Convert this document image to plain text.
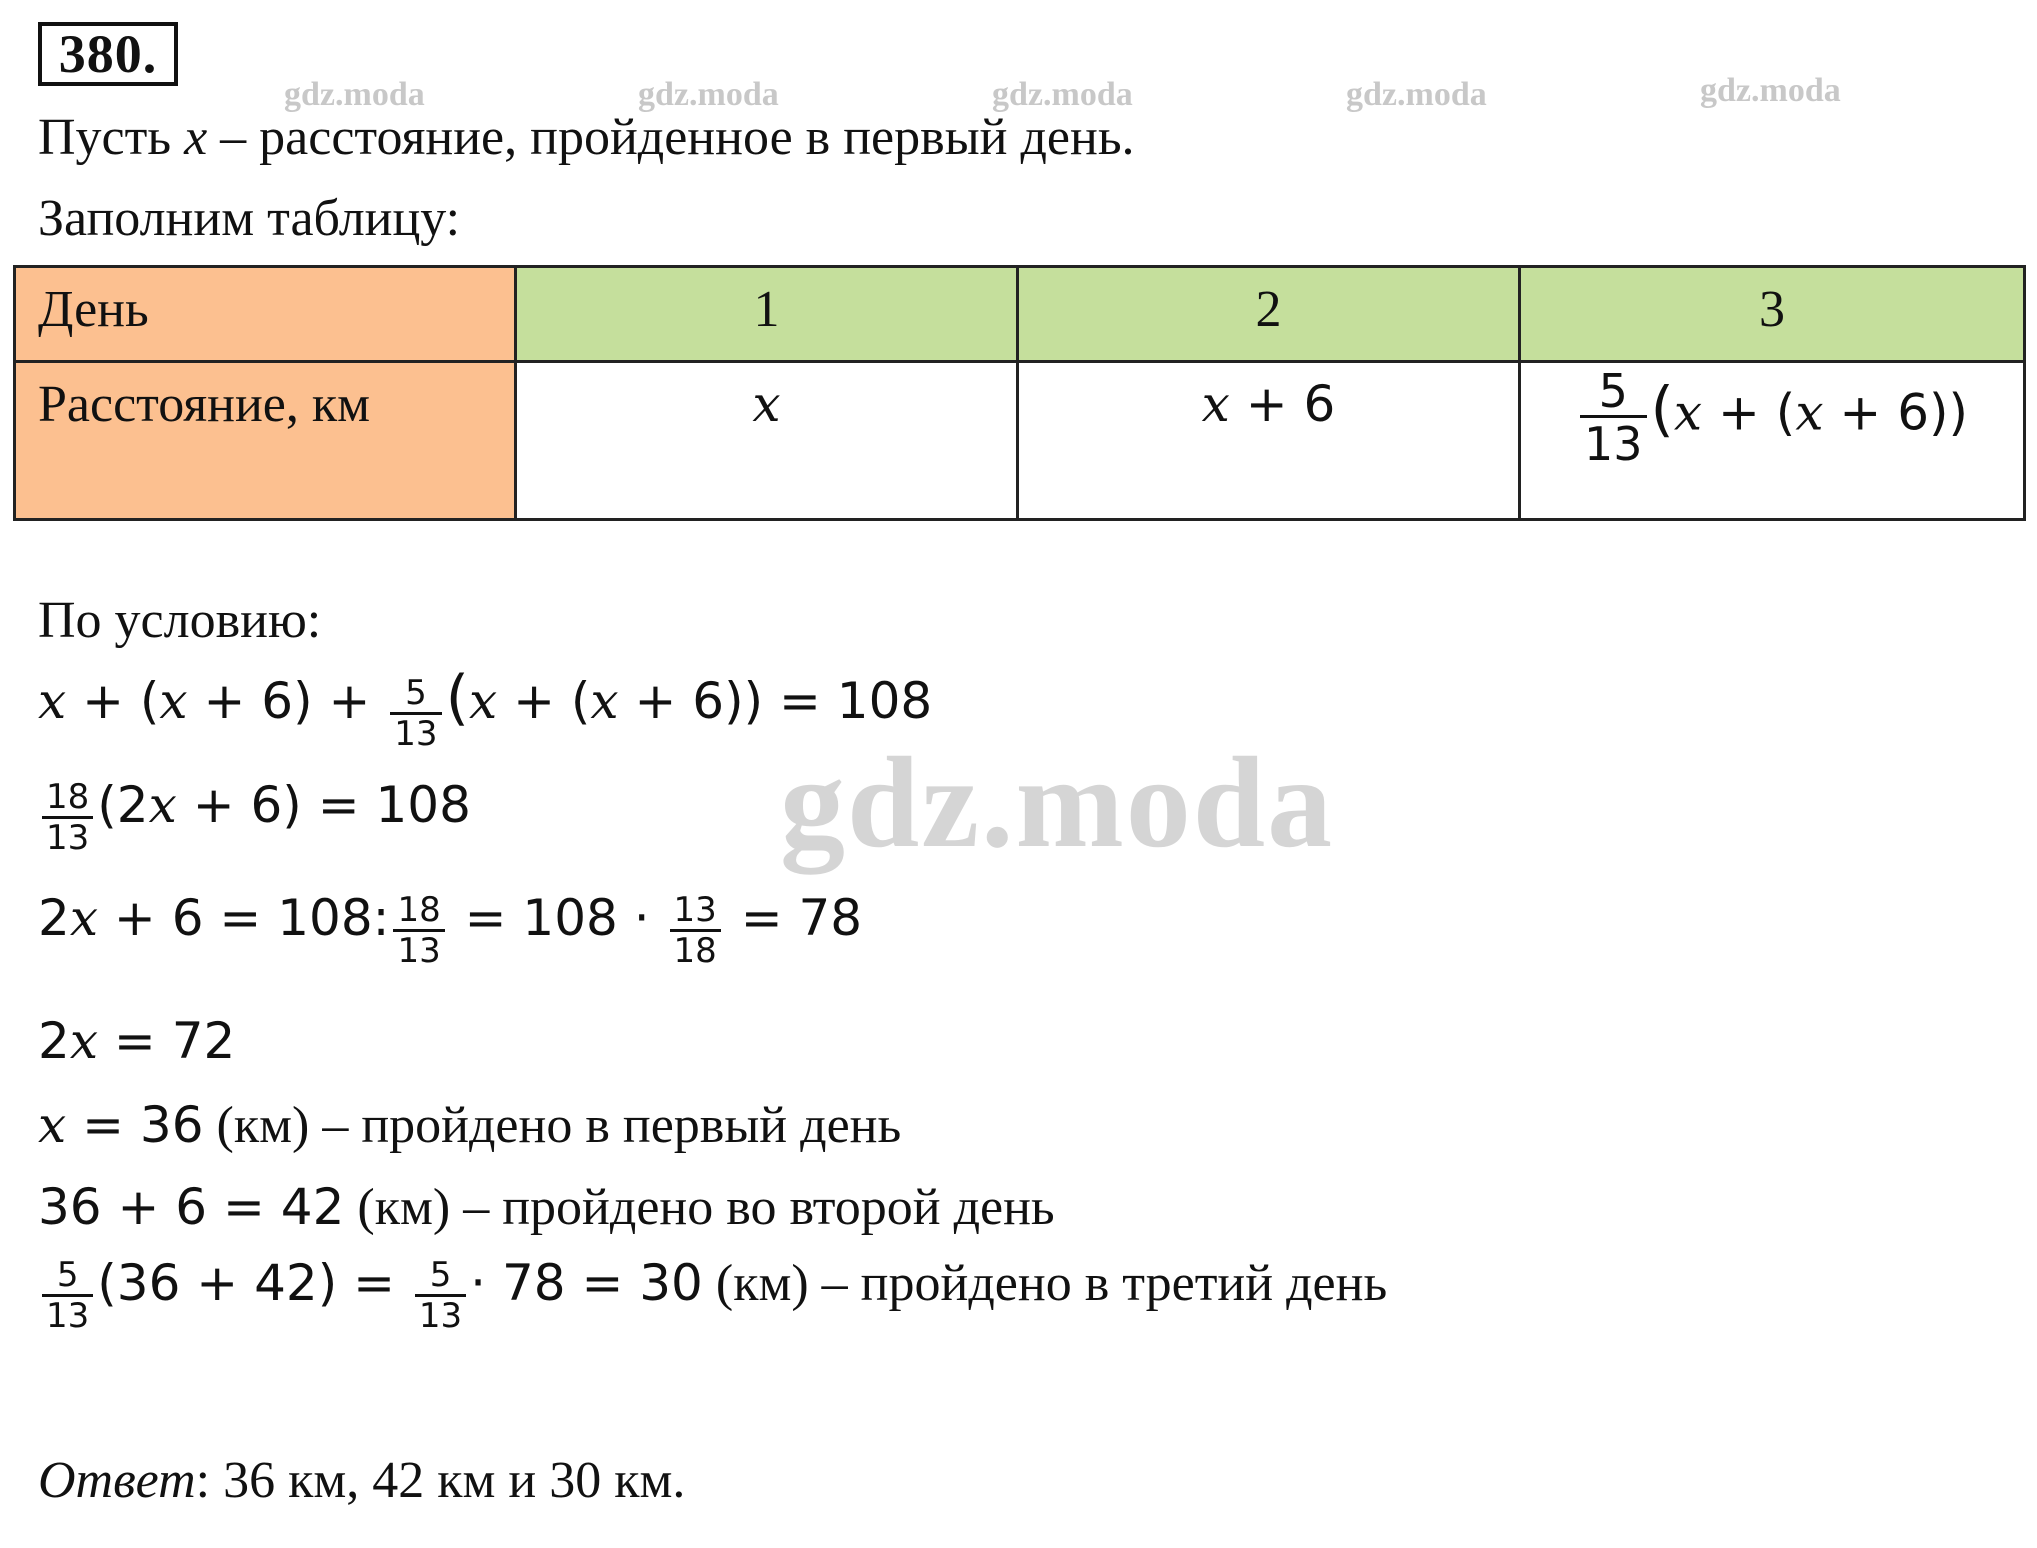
380.
gdz.moda	gdz.moda	gdz.moda	gdz.moda	gdz.moda
Пусть x – расстояние, пройденное в первый день.
Заполним таблицу:
День	1	2	3
Расстояние, км	x	x + 6	$\frac{5}{13} (x + (x + 6))$
По условию:
$x + (x + 6) + \frac{5}{13} (x + (x + 6)) = 108$
gdz.moda
$\frac{18}{13} (2x + 6) = 108$
2x + 6 = 108: $\frac{18}{13} = 108 \cdot \frac{13}{18} = 78$
2x = 72
x = 36 (км) – пройдено в первый день
36 + 6 = 42 (км) – пройдено во второй день
$\frac{5}{13} (36 + 42) = \frac{5}{13} \cdot 78 = 30$ (км) – пройдено в третий день
Ответ: 36 км, 42 км и 30 км.
